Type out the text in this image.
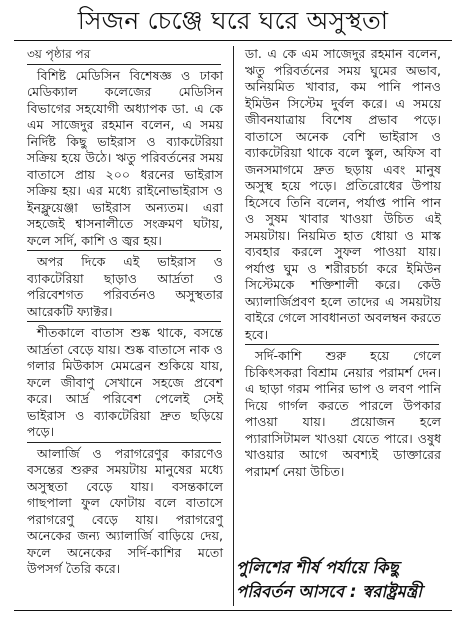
সিজন চেঞ্জে ঘরে ঘরে অসুস্থতা
৩য় পৃষ্ঠার পর

বিশিষ্ট মেডিসিন বিশেষজ্ঞ ও ঢাকা মেডিক্যাল কলেজের মেডিসিন বিভাগের সহযোগী অধ্যাপক ডা. এ কে এম সাজেদুর রহমান বলেন, এ সময় নির্দিষ্ট কিছু ভাইরাস ও ব্যাকটেরিয়া সক্রিয় হয়ে উঠে। ঋতু পরিবর্তনের সময় বাতাসে প্রায় ২০০ ধরনের ভাইরাস সক্রিয় হয়। এর মধ্যে রাইনোভাইরাস ও ইনফ্লুয়েঞ্জা ভাইরাস অন্যতম। এরা সহজেই শ্বাসনালীতে সংক্রমণ ঘটায়, ফলে সর্দি, কাশি ও জ্বর হয়।

অপর দিকে এই ভাইরাস ও ব্যাকটেরিয়া ছাড়াও আর্দ্রতা ও পরিবেশগত পরিবর্তনও অসুস্থতার আরেকটি ফ্যাক্টর।

শীতকালে বাতাস শুষ্ক থাকে, বসন্তে আর্দ্রতা বেড়ে যায়। শুষ্ক বাতাসে নাক ও গলার মিউকাস মেমব্রেন শুকিয়ে যায়, ফলে জীবাণু সেখানে সহজে প্রবেশ করে। আর্দ্র পরিবেশ পেলেই সেই ভাইরাস ও ব্যাকটেরিয়া দ্রুত ছড়িয়ে পড়ে।

আলার্জি ও পরাগরেণুর কারণেও বসন্তের শুরুর সময়টায় মানুষের মধ্যে অসুস্থতা বেড়ে যায়। বসন্তকালে গাছপালা ফুল ফোটায় বলে বাতাসে পরাগরেণু বেড়ে যায়। পরাগরেণু অনেকের জন্য অ্যালার্জি বাড়িয়ে দেয়, ফলে অনেকের সর্দি-কাশির মতো উপসর্গ তৈরি করে।

ডা. এ কে এম সাজেদুর রহমান বলেন, ঋতু পরিবর্তনের সময় ঘুমের অভাব, অনিয়মিত খাবার, কম পানি পানও ইমিউন সিস্টেম দুর্বল করে। এ সময়ে জীবনযাত্রায় বিশেষ প্রভাব পড়ে। বাতাসে অনেক বেশি ভাইরাস ও ব্যাকটেরিয়া থাকে বলে স্কুল, অফিস বা জনসমাগমে দ্রুত ছড়ায় এবং মানুষ অসুস্থ হয়ে পড়ে। প্রতিরোধের উপায় হিসেবে তিনি বলেন, পর্যাপ্ত পানি পান ও সুষম খাবার খাওয়া উচিত এই সময়টায়। নিয়মিত হাত ধোয়া ও মাস্ক ব্যবহার করলে সুফল পাওয়া যায়। পর্যাপ্ত ঘুম ও শরীরচর্চা করে ইমিউন সিস্টেমকে শক্তিশালী করে। কেউ অ্যালার্জিপ্রবণ হলে তাদের এ সময়টায় বাইরে গেলে সাবধানতা অবলম্বন করতে হবে।

সর্দি-কাশি শুরু হয়ে গেলে চিকিৎসকরা বিশ্রাম নেয়ার পরামর্শ দেন। এ ছাড়া গরম পানির ভাপ ও লবণ পানি দিয়ে গার্গল করতে পারলে উপকার পাওয়া যায়। প্রয়োজন হলে প্যারাসিটামল খাওয়া যেতে পারে। ওষুধ খাওয়ার আগে অবশ্যই ডাক্তারের পরামর্শ নেয়া উচিত।

পুলিশের শীর্ষ পর্যায়ে কিছু
পরিবর্তন আসবে : স্বরাষ্ট্রমন্ত্রী
